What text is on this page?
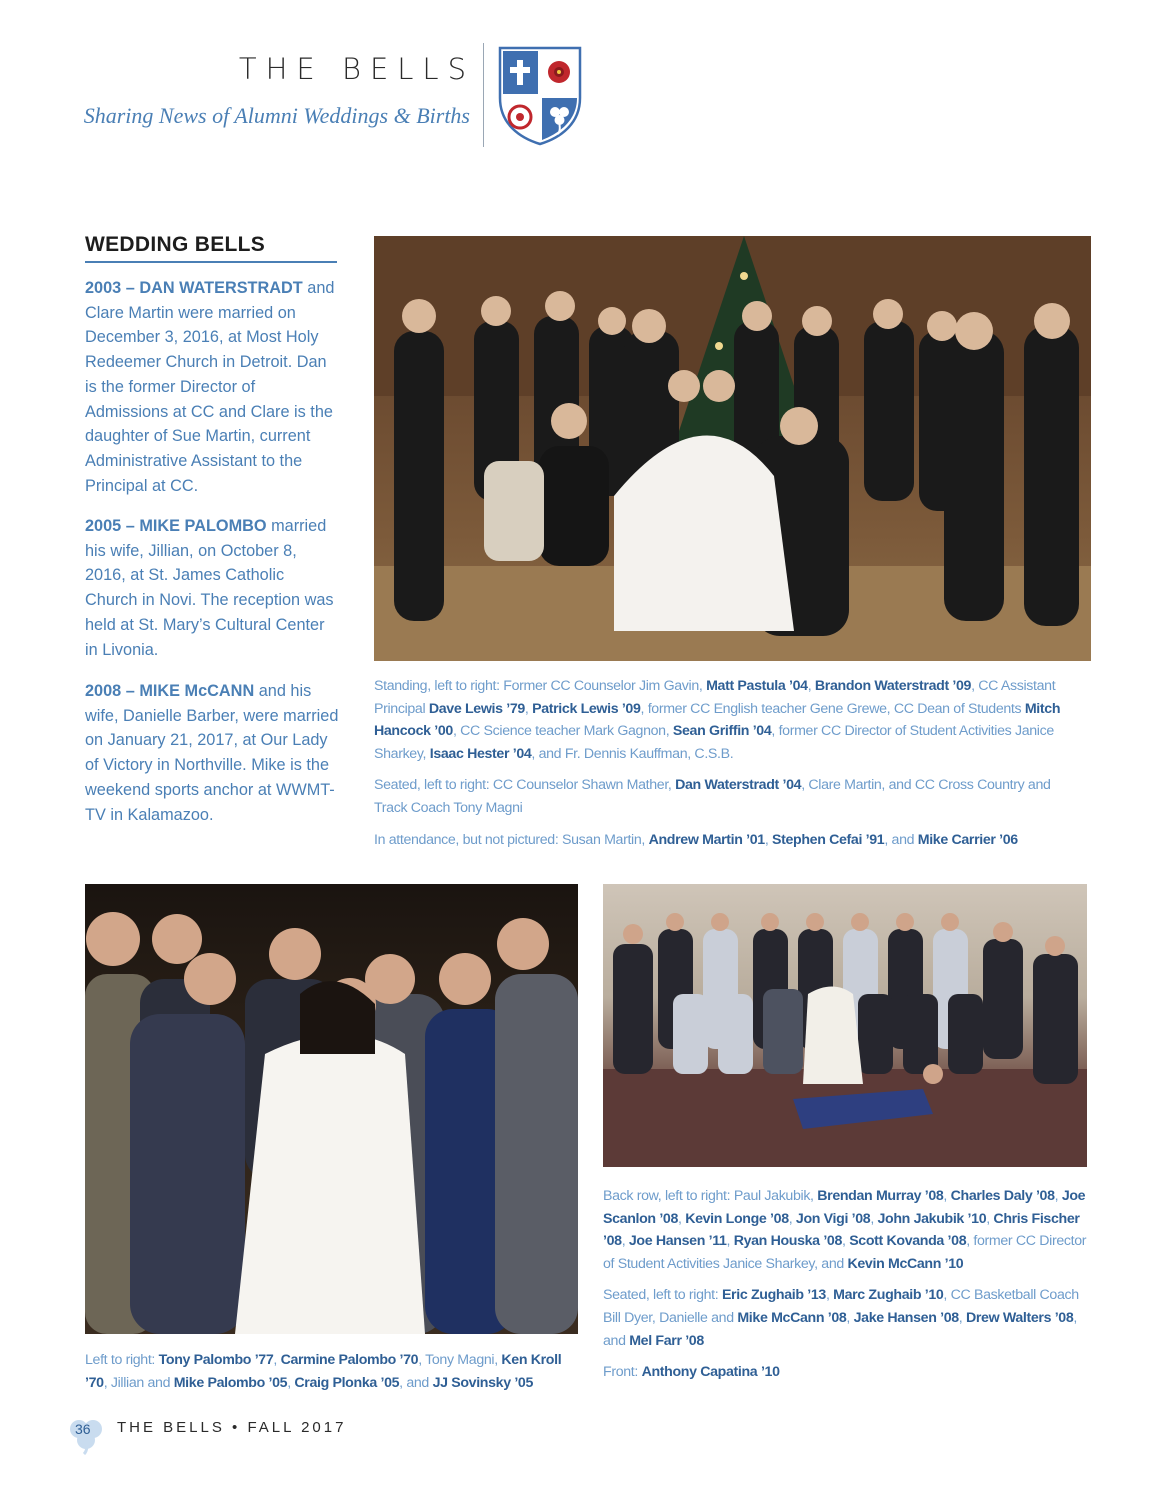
THE BELLS
Sharing News of Alumni Weddings & Births
WEDDING BELLS

2003 – DAN WATERSTRADT and Clare Martin were married on December 3, 2016, at Most Holy Redeemer Church in Detroit. Dan is the former Director of Admissions at CC and Clare is the daughter of Sue Martin, current Administrative Assistant to the Principal at CC.

2005 – MIKE PALOMBO married his wife, Jillian, on October 8, 2016, at St. James Catholic Church in Novi. The reception was held at St. Mary’s Cultural Center in Livonia.

2008 – MIKE McCANN and his wife, Danielle Barber, were married on January 21, 2017, at Our Lady of Victory in Northville. Mike is the weekend sports anchor at WWMT-TV in Kalamazoo.

Standing, left to right: Former CC Counselor Jim Gavin, Matt Pastula ’04, Brandon Waterstradt ’09, CC Assistant Principal Dave Lewis ’79, Patrick Lewis ’09, former CC English teacher Gene Grewe, CC Dean of Students Mitch Hancock ’00, CC Science teacher Mark Gagnon, Sean Griffin ’04, former CC Director of Student Activities Janice Sharkey, Isaac Hester ’04, and Fr. Dennis Kauffman, C.S.B.

Seated, left to right: CC Counselor Shawn Mather, Dan Waterstradt ’04, Clare Martin, and CC Cross Country and Track Coach Tony Magni

In attendance, but not pictured: Susan Martin, Andrew Martin ’01, Stephen Cefai ’91, and Mike Carrier ’06

Left to right: Tony Palombo ’77, Carmine Palombo ’70, Tony Magni, Ken Kroll ’70, Jillian and Mike Palombo ’05, Craig Plonka ’05, and JJ Sovinsky ’05

Back row, left to right: Paul Jakubik, Brendan Murray ’08, Charles Daly ’08, Joe Scanlon ’08, Kevin Longe ’08, Jon Vigi ’08, John Jakubik ’10, Chris Fischer ’08, Joe Hansen ’11, Ryan Houska ’08, Scott Kovanda ’08, former CC Director of Student Activities Janice Sharkey, and Kevin McCann ’10

Seated, left to right: Eric Zughaib ’13, Marc Zughaib ’10, CC Basketball Coach Bill Dyer, Danielle and Mike McCann ’08, Jake Hansen ’08, Drew Walters ’08, and Mel Farr ’08

Front: Anthony Capatina ’10

36 THE BELLS • FALL 2017
